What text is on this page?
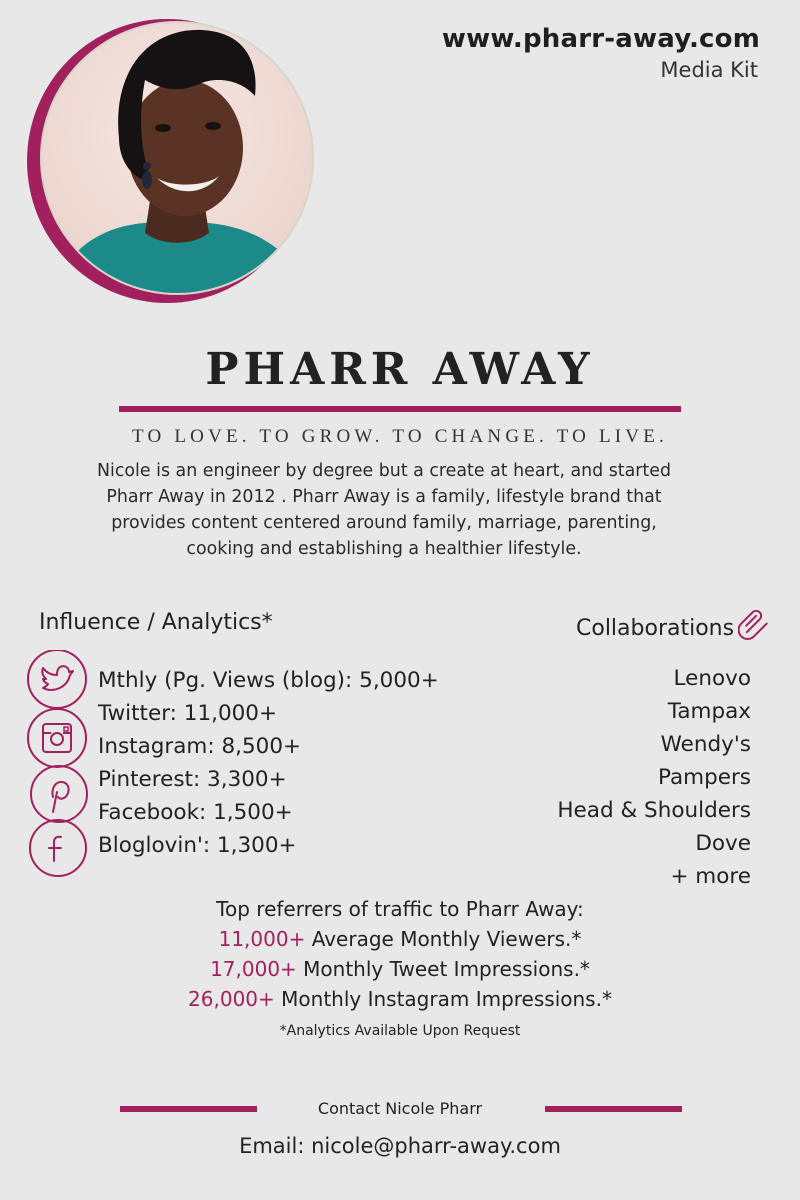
www.pharr-away.com
Media Kit
PHARR AWAY
TO LOVE. TO GROW. TO CHANGE. TO LIVE.
Nicole is an engineer by degree but a create at heart, and started
Pharr Away in 2012 . Pharr Away is a family, lifestyle brand that
provides content centered around family, marriage, parenting,
cooking and establishing a healthier lifestyle.
Influence / Analytics*	Collaborations
Mthly (Pg. Views (blog): 5,000+
Twitter: 11,000+
Instagram: 8,500+
Pinterest: 3,300+
Facebook: 1,500+
Bloglovin': 1,300+
Lenovo
Tampax
Wendy's
Pampers
Head & Shoulders
Dove
+ more
Top referrers of traffic to Pharr Away:
11,000+ Average Monthly Viewers.*
17,000+ Monthly Tweet Impressions.*
26,000+ Monthly Instagram Impressions.*
*Analytics Available Upon Request
Contact Nicole Pharr
Email: nicole@pharr-away.com
